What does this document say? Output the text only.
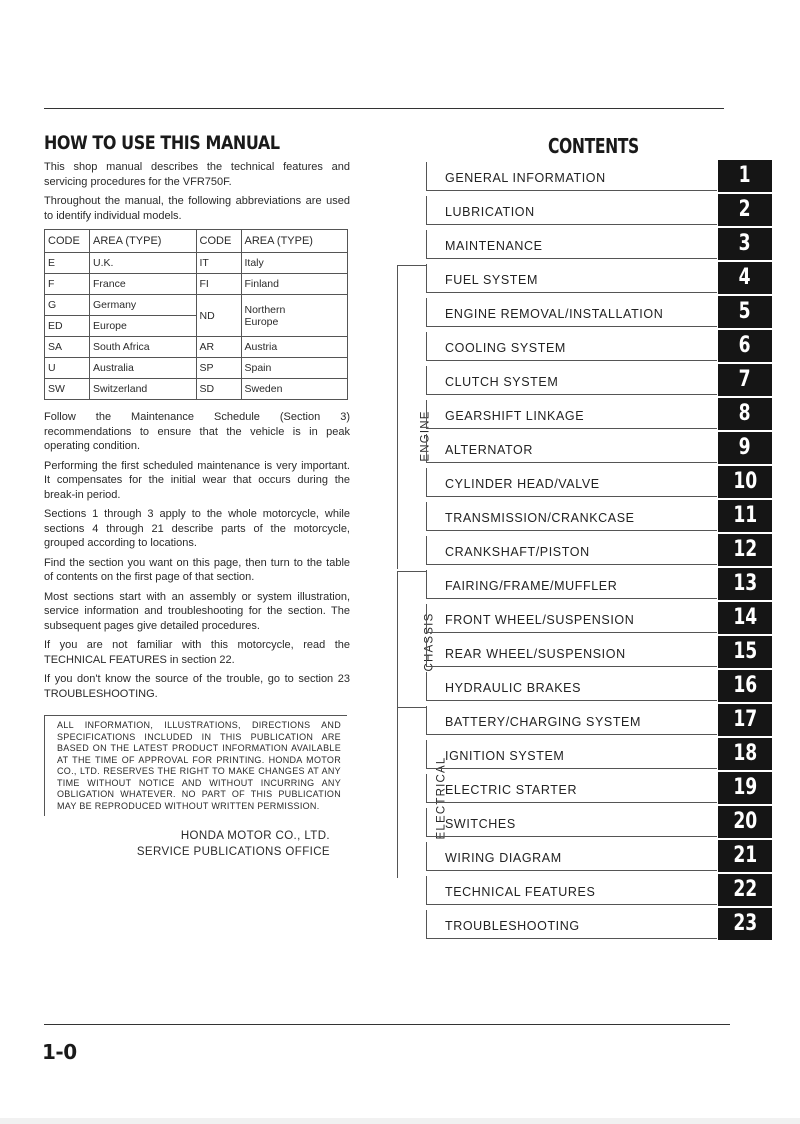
HOW TO USE THIS MANUAL

This shop manual describes the technical features and servicing procedures for the VFR750F.

Throughout the manual, the following abbreviations are used to identify individual models.

CODE	AREA (TYPE)	CODE	AREA (TYPE)
E	U.K.	IT	Italy
F	France	FI	Finland
G	Germany	ND	Northern
Europe
ED	Europe		
SA	South Africa	AR	Austria
U	Australia	SP	Spain
SW	Switzerland	SD	Sweden

Follow the Maintenance Schedule (Section 3) recommendations to ensure that the vehicle is in peak operating condition.

Performing the first scheduled maintenance is very important. It compensates for the initial wear that occurs during the break-in period.

Sections 1 through 3 apply to the whole motorcycle, while sections 4 through 21 describe parts of the motorcycle, grouped according to locations.

Find the section you want on this page, then turn to the table of contents on the first page of that section.

Most sections start with an assembly or system illustration, service information and troubleshooting for the section. The subsequent pages give detailed procedures.

If you are not familiar with this motorcycle, read the TECHNICAL FEATURES in section 22.

If you don't know the source of the trouble, go to section 23 TROUBLESHOOTING.

ALL INFORMATION, ILLUSTRATIONS, DIRECTIONS AND SPECIFICATIONS INCLUDED IN THIS PUBLICATION ARE BASED ON THE LATEST PRODUCT INFORMATION AVAILABLE AT THE TIME OF APPROVAL FOR PRINTING. HONDA MOTOR CO., LTD. RESERVES THE RIGHT TO MAKE CHANGES AT ANY TIME WITHOUT NOTICE AND WITHOUT INCURRING ANY OBLIGATION WHATEVER. NO PART OF THIS PUBLICATION MAY BE REPRODUCED WITHOUT WRITTEN PERMISSION.
HONDA MOTOR CO., LTD.
SERVICE PUBLICATIONS OFFICE
CONTENTS
ENGINE
CHASSIS
ELECTRICAL
GENERAL INFORMATION	1
LUBRICATION	2
MAINTENANCE	3
FUEL SYSTEM	4
ENGINE REMOVAL/INSTALLATION	5
COOLING SYSTEM	6
CLUTCH SYSTEM	7
GEARSHIFT LINKAGE	8
ALTERNATOR	9
CYLINDER HEAD/VALVE	10
TRANSMISSION/CRANKCASE	11
CRANKSHAFT/PISTON	12
FAIRING/FRAME/MUFFLER	13
FRONT WHEEL/SUSPENSION	14
REAR WHEEL/SUSPENSION	15
HYDRAULIC BRAKES	16
BATTERY/CHARGING SYSTEM	17
IGNITION SYSTEM	18
ELECTRIC STARTER	19
SWITCHES	20
WIRING DIAGRAM	21
TECHNICAL FEATURES	22
TROUBLESHOOTING	23
1-0
